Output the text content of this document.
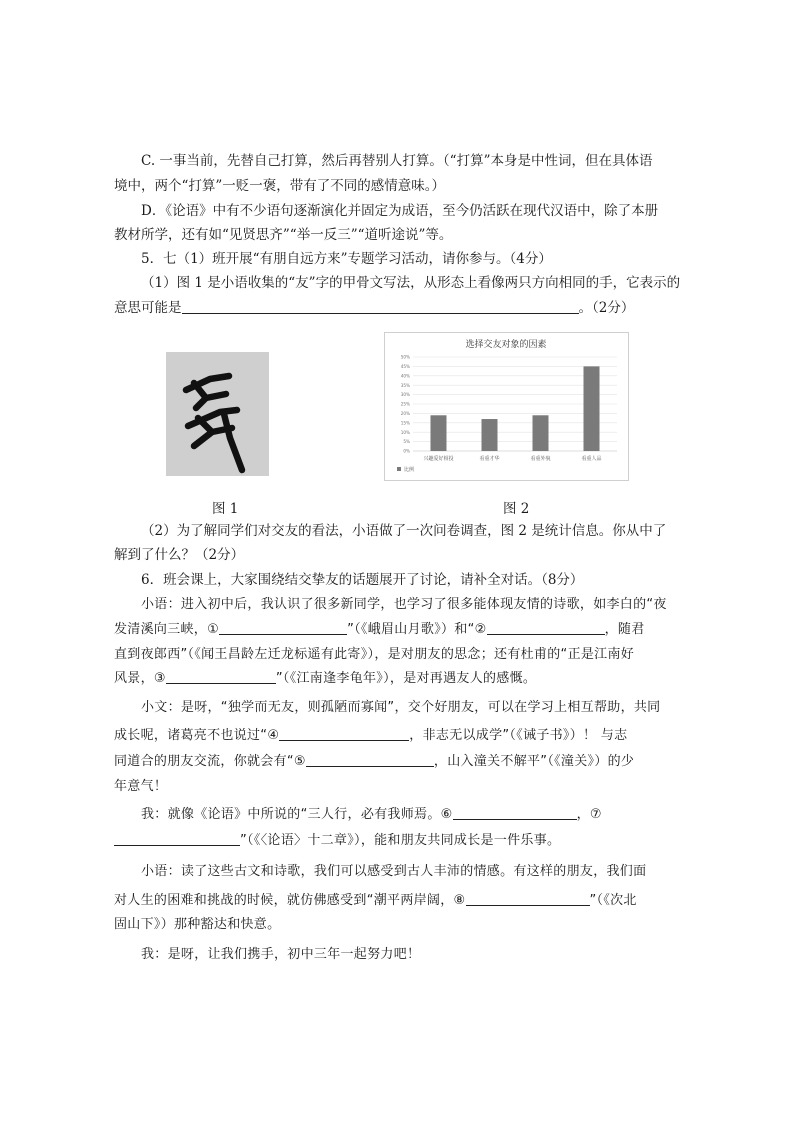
C. 一事当前，先替自己打算，然后再替别人打算。（“打算”本身是中性词，但在具体语
境中，两个“打算”一贬一褒，带有了不同的感情意味。）
D．《论语》中有不少语句逐渐演化并固定为成语，至今仍活跃在现代汉语中，除了本册
教材所学，还有如“见贤思齐”“举一反三”“道听途说”等。
5．七（1）班开展“有朋自远方来”专题学习活动，请你参与。（4分）
（1）图 1 是小语收集的“友”字的甲骨文写法，从形态上看像两只方向相同的手，它表示的
意思可能是	。（2分）
选择交友对象的因素
0%
5%
10%
15%
20%
25%
30%
35%
40%
45%
50%
兴趣爱好相投	看重才华	看重外貌	看重人品
比例
图 1	图 2
（2）为了解同学们对交友的看法，小语做了一次问卷调查，图 2 是统计信息。你从中了
解到了什么？（2分）
6．班会课上，大家围绕结交挚友的话题展开了讨论，请补全对话。（8分）
小语：进入初中后，我认识了很多新同学，也学习了很多能体现友情的诗歌，如李白的“夜
发清溪向三峡，①	”（《峨眉山月歌》）和“②	，随君
直到夜郎西”（《闻王昌龄左迁龙标遥有此寄》），是对朋友的思念；还有杜甫的“正是江南好
风景，③	”（《江南逢李龟年》），是对再遇友人的感慨。
小文：是呀，“独学而无友，则孤陋而寡闻”，交个好朋友，可以在学习上相互帮助，共同
成长呢，诸葛亮不也说过“④	，非志无以成学”（《诫子书》）！ 与志
同道合的朋友交流，你就会有“⑤	，山入潼关不解平”（《潼关》）的少
年意气！
我：就像《论语》中所说的“三人行，必有我师焉。⑥	，⑦
”（《〈论语〉十二章》），能和朋友共同成长是一件乐事。
小语：读了这些古文和诗歌，我们可以感受到古人丰沛的情感。有这样的朋友，我们面
对人生的困难和挑战的时候，就仿佛感受到“潮平两岸阔，⑧	”（《次北
固山下》）那种豁达和快意。
我：是呀，让我们携手，初中三年一起努力吧！
